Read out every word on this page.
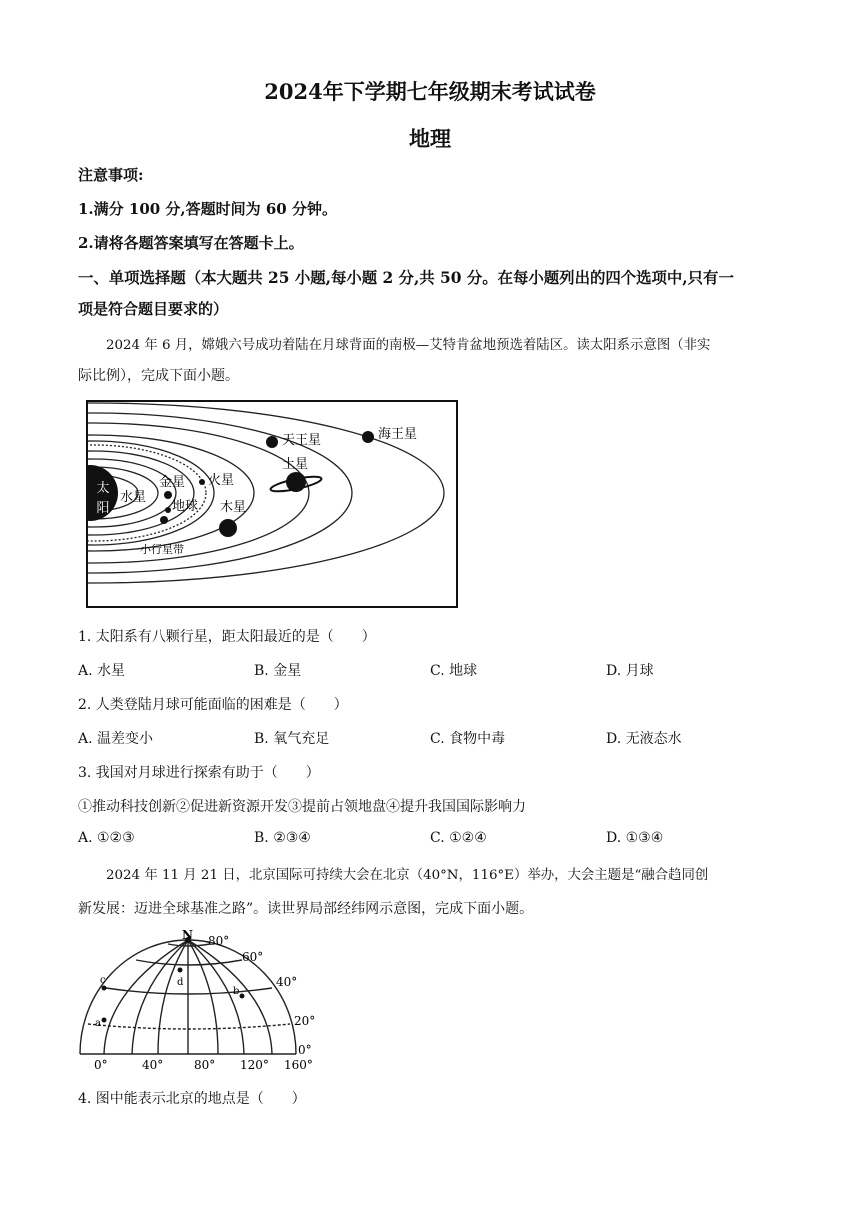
2024年下学期七年级期末考试试卷
地理
注意事项:
1.满分 100 分,答题时间为 60 分钟。
2.请将各题答案填写在答题卡上。
一、单项选择题（本大题共 25 小题,每小题 2 分,共 50 分。在每小题列出的四个选项中,只有一
项是符合题目要求的）
2024 年 6 月，嫦娥六号成功着陆在月球背面的南极—艾特肯盆地预选着陆区。读太阳系示意图（非实
际比例），完成下面小题。
太阳
水星
金星
地球
火星
木星
土星
天王星	海王星
小行星带
1. 太阳系有八颗行星，距太阳最近的是（　　）
A. 水星	B. 金星	C. 地球	D. 月球
2. 人类登陆月球可能面临的困难是（　　）
A. 温差变小	B. 氧气充足	C. 食物中毒	D. 无液态水
3. 我国对月球进行探索有助于（　　）
①推动科技创新②促进新资源开发③提前占领地盘④提升我国国际影响力
A. ①②③	B. ②③④	C. ①②④	D. ①③④
2024 年 11 月 21 日，北京国际可持续大会在北京（40°N，116°E）举办，大会主题是“融合趋同创
新发展：迈进全球基准之路”。读世界局部经纬网示意图，完成下面小题。
N 80°
60°
40°
20°
0°
0°	40°	80° 120° 160°
a
b
c	d
4. 图中能表示北京的地点是（　　）
